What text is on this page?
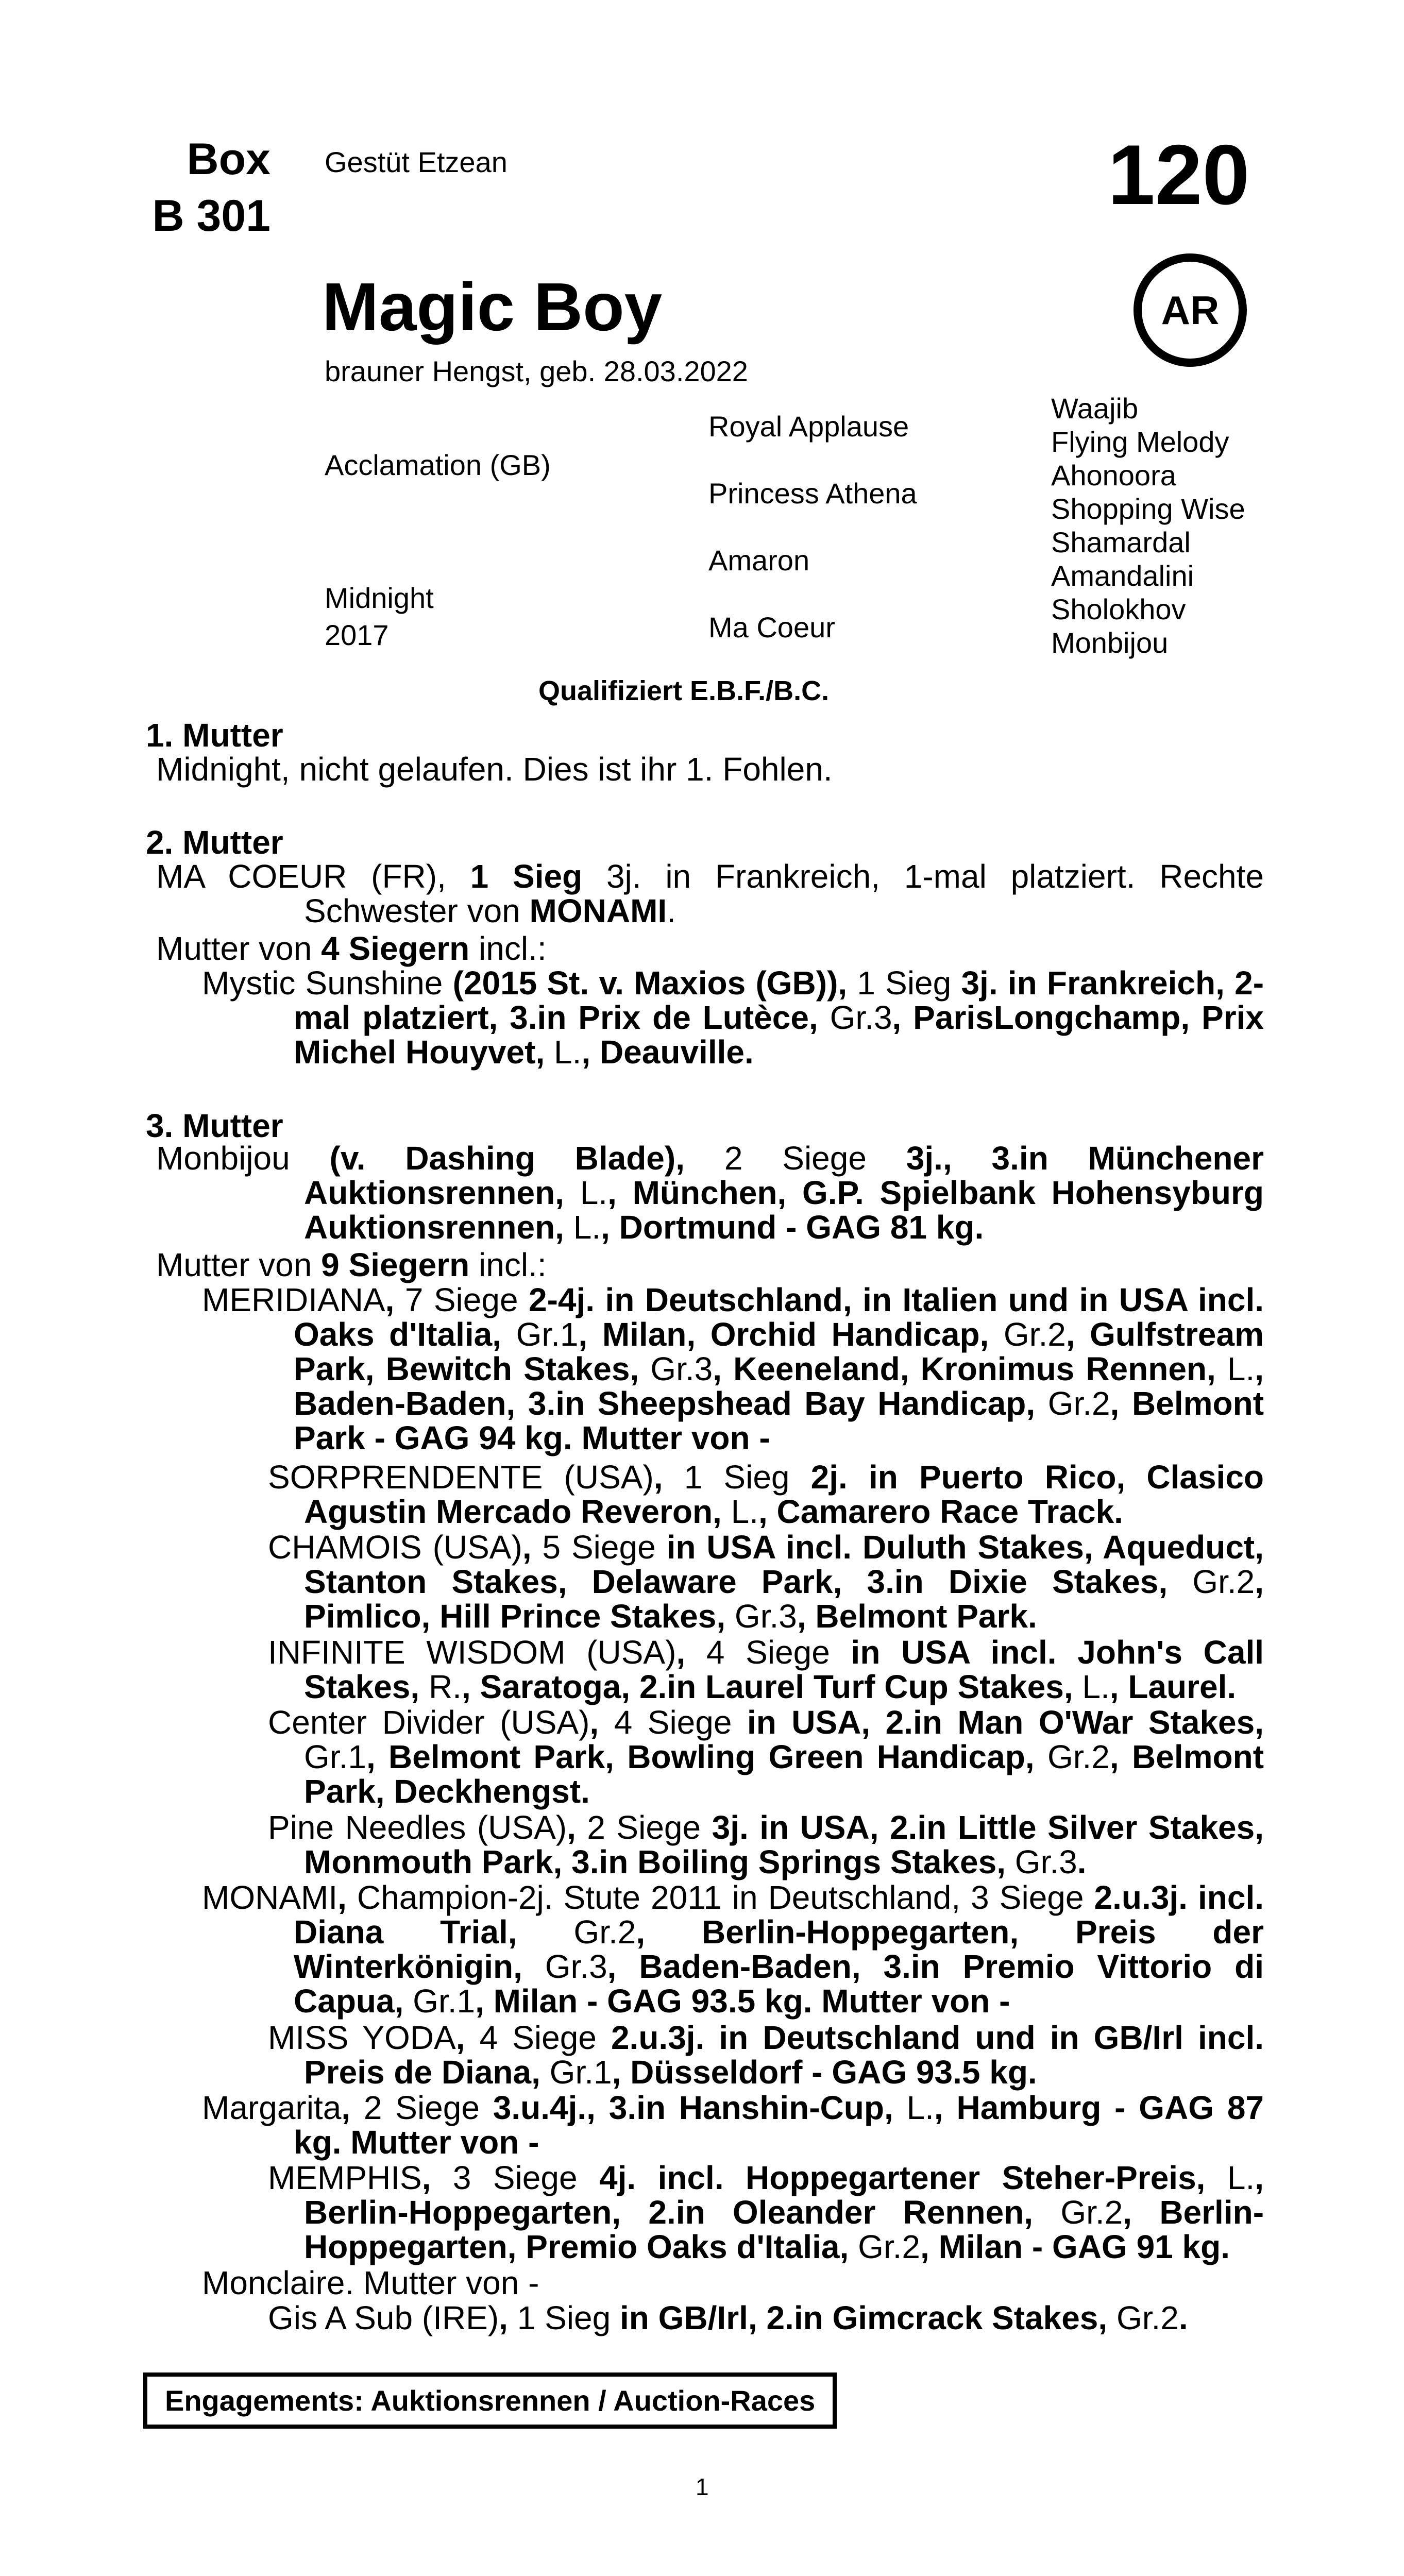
Box
B 301
Gestüt Etzean	120
AR
Magic Boy
brauner Hengst, geb. 28.03.2022
Acclamation (GB)
Midnight
2017
Royal Applause
Princess Athena
Amaron
Ma Coeur
Waajib
Flying Melody
Ahonoora
Shopping Wise
Shamardal
Amandalini
Sholokhov
Monbijou
Qualifiziert E.B.F./B.C.
1. Mutter
Midnight, nicht gelaufen. Dies ist ihr 1. Fohlen.
2. Mutter
MA COEUR (FR), 1 Sieg 3j. in Frankreich, 1-mal platziert. Rechte Schwester von MONAMI.
Mutter von 4 Siegern incl.:
Mystic Sunshine (2015 St. v. Maxios (GB)), 1 Sieg 3j. in Frankreich, 2-mal platziert, 3.in Prix de Lutèce, Gr.3, ParisLongchamp, Prix Michel Houyvet, L., Deauville.
3. Mutter
Monbijou (v. Dashing Blade), 2 Siege 3j., 3.in Münchener Auktionsrennen, L., München, G.P. Spielbank Hohensyburg Auktionsrennen, L., Dortmund - GAG 81 kg.
Mutter von 9 Siegern incl.:
MERIDIANA, 7 Siege 2-4j. in Deutschland, in Italien und in USA incl. Oaks d'Italia, Gr.1, Milan, Orchid Handicap, Gr.2, Gulfstream Park, Bewitch Stakes, Gr.3, Keeneland, Kronimus Rennen, L., Baden-Baden, 3.in Sheepshead Bay Handicap, Gr.2, Belmont Park - GAG 94 kg. Mutter von -
SORPRENDENTE (USA), 1 Sieg 2j. in Puerto Rico, Clasico Agustin Mercado Reveron, L., Camarero Race Track.
CHAMOIS (USA), 5 Siege in USA incl. Duluth Stakes, Aqueduct, Stanton Stakes, Delaware Park, 3.in Dixie Stakes, Gr.2, Pimlico, Hill Prince Stakes, Gr.3, Belmont Park.
INFINITE WISDOM (USA), 4 Siege in USA incl. John's Call Stakes, R., Saratoga, 2.in Laurel Turf Cup Stakes, L., Laurel.
Center Divider (USA), 4 Siege in USA, 2.in Man O'War Stakes, Gr.1, Belmont Park, Bowling Green Handicap, Gr.2, Belmont Park, Deckhengst.
Pine Needles (USA), 2 Siege 3j. in USA, 2.in Little Silver Stakes, Monmouth Park, 3.in Boiling Springs Stakes, Gr.3.
MONAMI, Champion-2j. Stute 2011 in Deutschland, 3 Siege 2.u.3j. incl. Diana Trial, Gr.2, Berlin-Hoppegarten, Preis der Winterkönigin, Gr.3, Baden-Baden, 3.in Premio Vittorio di Capua, Gr.1, Milan - GAG 93.5 kg. Mutter von -
MISS YODA, 4 Siege 2.u.3j. in Deutschland und in GB/Irl incl. Preis de Diana, Gr.1, Düsseldorf - GAG 93.5 kg.
Margarita, 2 Siege 3.u.4j., 3.in Hanshin-Cup, L., Hamburg - GAG 87 kg. Mutter von -
MEMPHIS, 3 Siege 4j. incl. Hoppegartener Steher-Preis, L., Berlin-Hoppegarten, 2.in Oleander Rennen, Gr.2, Berlin-Hoppegarten, Premio Oaks d'Italia, Gr.2, Milan - GAG 91 kg.
Monclaire. Mutter von -
Gis A Sub (IRE), 1 Sieg in GB/Irl, 2.in Gimcrack Stakes, Gr.2.
Engagements: Auktionsrennen / Auction-Races
1
